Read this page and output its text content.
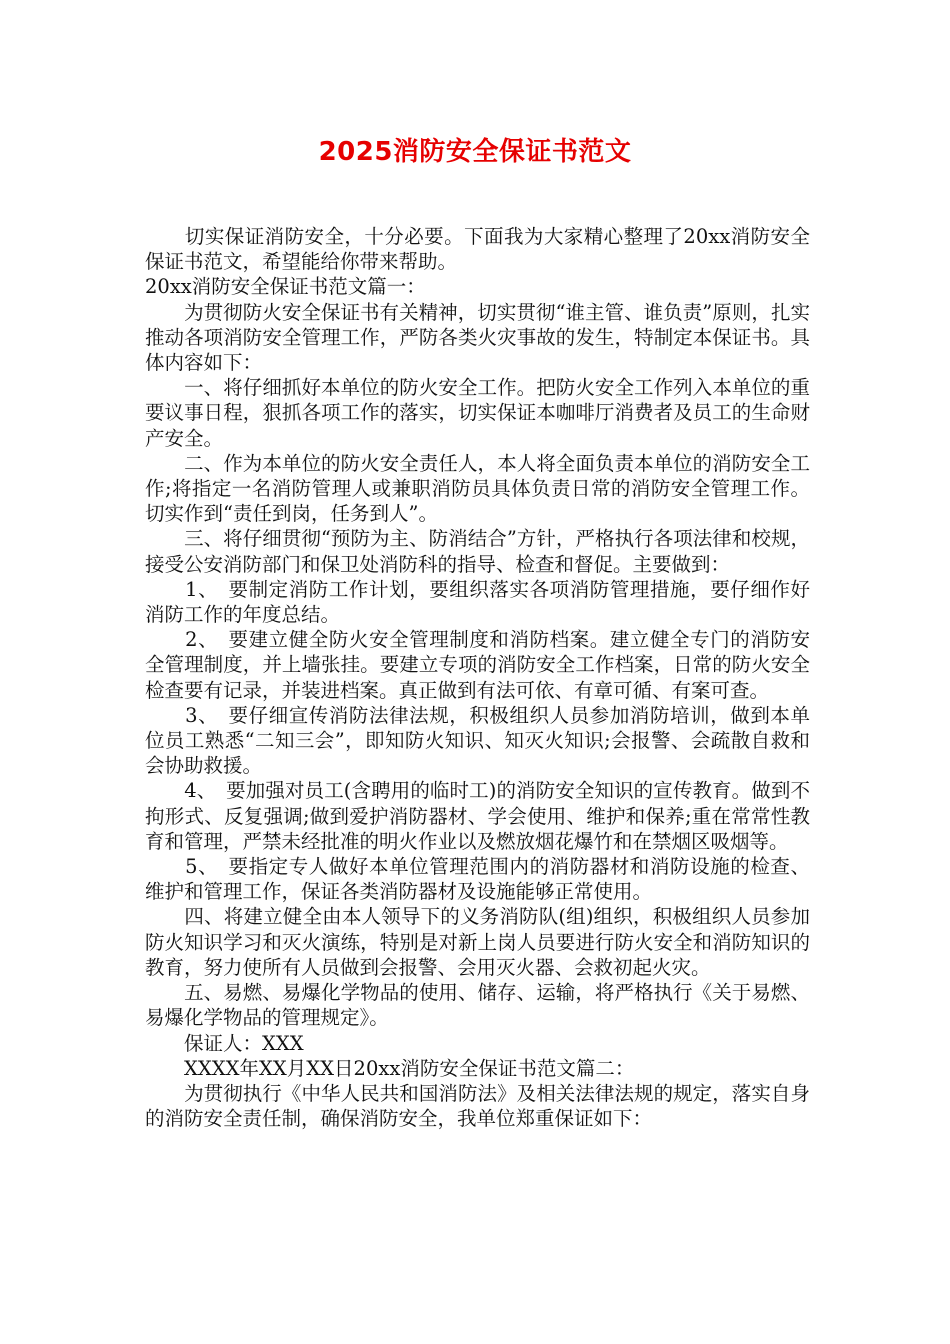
2025消防安全保证书范文

　　切实保证消防安全，十分必要。下面我为大家精心整理了20xx消防安全保证书范文，希望能给你带来帮助。

20xx消防安全保证书范文篇一：

　　为贯彻防火安全保证书有关精神，切实贯彻“谁主管、谁负责”原则，扎实推动各项消防安全管理工作，严防各类火灾事故的发生，特制定本保证书。具体内容如下：

　　一、将仔细抓好本单位的防火安全工作。把防火安全工作列入本单位的重要议事日程，狠抓各项工作的落实，切实保证本咖啡厅消费者及员工的生命财产安全。

　　二、作为本单位的防火安全责任人，本人将全面负责本单位的消防安全工作;将指定一名消防管理人或兼职消防员具体负责日常的消防安全管理工作。切实作到“责任到岗，任务到人”。

　　三、将仔细贯彻“预防为主、防消结合”方针，严格执行各项法律和校规，接受公安消防部门和保卫处消防科的指导、检查和督促。主要做到：

　　1、　要制定消防工作计划，要组织落实各项消防管理措施，要仔细作好消防工作的年度总结。

　　2、　要建立健全防火安全管理制度和消防档案。建立健全专门的消防安全管理制度，并上墙张挂。要建立专项的消防安全工作档案，日常的防火安全检查要有记录，并装进档案。真正做到有法可依、有章可循、有案可查。

　　3、　要仔细宣传消防法律法规，积极组织人员参加消防培训，做到本单位员工熟悉“二知三会”，即知防火知识、知灭火知识;会报警、会疏散自救和会协助救援。

　　4、　要加强对员工(含聘用的临时工)的消防安全知识的宣传教育。做到不拘形式、反复强调;做到爱护消防器材、学会使用、维护和保养;重在常常性教育和管理，严禁未经批准的明火作业以及燃放烟花爆竹和在禁烟区吸烟等。

　　5、　要指定专人做好本单位管理范围内的消防器材和消防设施的检查、维护和管理工作，保证各类消防器材及设施能够正常使用。

　　四、将建立健全由本人领导下的义务消防队(组)组织，积极组织人员参加防火知识学习和灭火演练，特别是对新上岗人员要进行防火安全和消防知识的教育，努力使所有人员做到会报警、会用灭火器、会救初起火灾。

　　五、易燃、易爆化学物品的使用、储存、运输，将严格执行《关于易燃、易爆化学物品的管理规定》。

　　保证人：XXX

　　XXXX年XX月XX日20xx消防安全保证书范文篇二：

　　为贯彻执行《中华人民共和国消防法》及相关法律法规的规定，落实自身的消防安全责任制，确保消防安全，我单位郑重保证如下：
